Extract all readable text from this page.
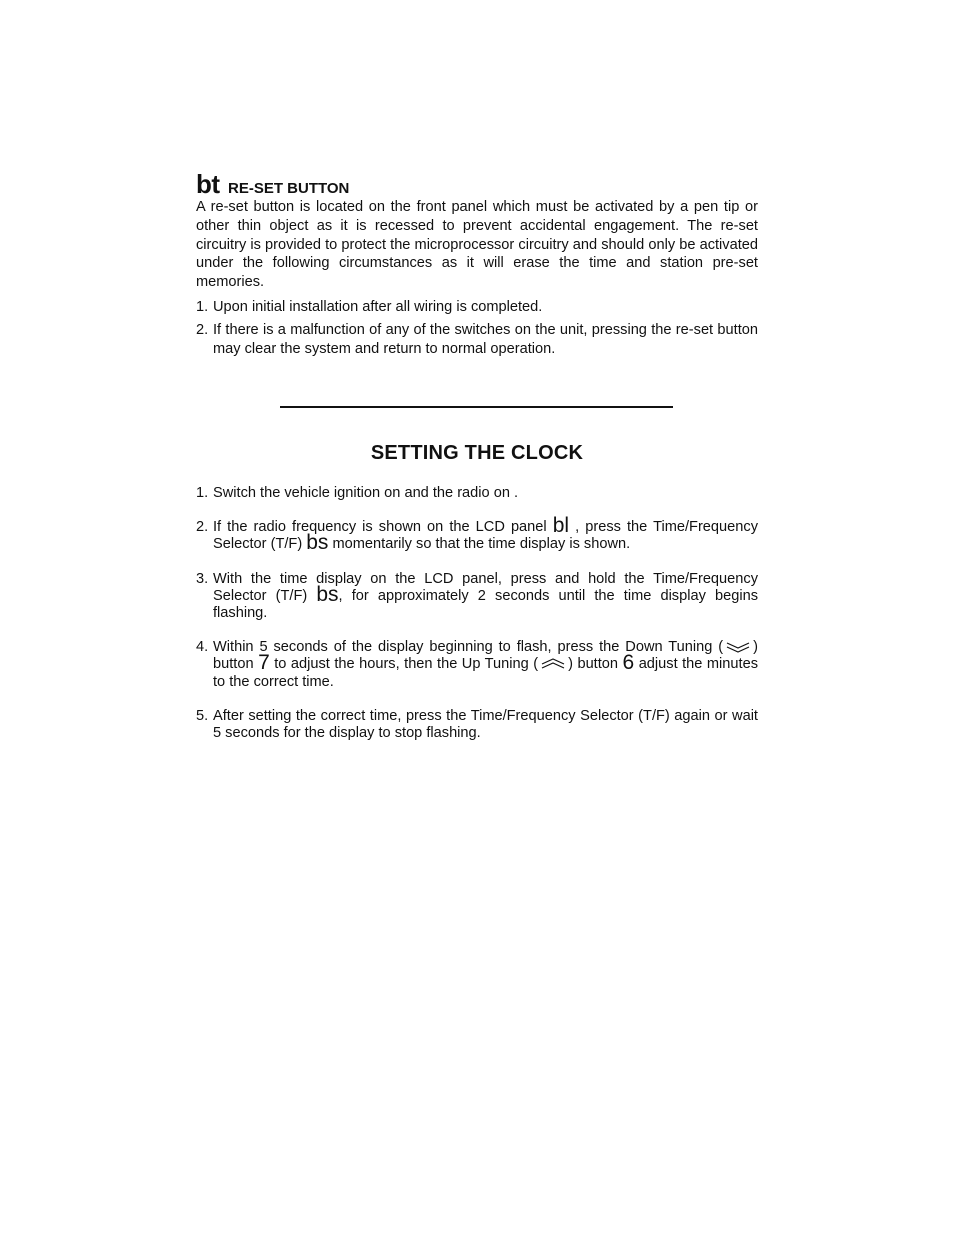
bt RE-SET BUTTON

A re-set button is located on the front panel which must be activated by a pen tip or other thin object as it is recessed to prevent accidental engagement. The re-set circuitry is provided to protect the microprocessor circuitry and should only be activated under the following circumstances as it will erase the time and station pre-set memories.

1. Upon initial installation after all wiring is completed.
2. If there is a malfunction of any of the switches on the unit, pressing the re-set button may clear the system and return to normal operation.
SETTING THE CLOCK
1. Switch the vehicle ignition on and the radio on .
2. If the radio frequency is shown on the LCD panel bl , press the Time/Frequency Selector (T/F) bs momentarily so that the time display is shown.
3. With the time display on the LCD panel, press and hold the Time/Frequency Selector (T/F) bs, for approximately 2 seconds until the time display begins flashing.
4. Within 5 seconds of the display beginning to flash, press the Down Tuning ( ) button 7 to adjust the hours, then the Up Tuning ( ) button 6 adjust the minutes to the correct time.
5. After setting the correct time, press the Time/Frequency Selector (T/F) again or wait 5 seconds for the display to stop flashing.
